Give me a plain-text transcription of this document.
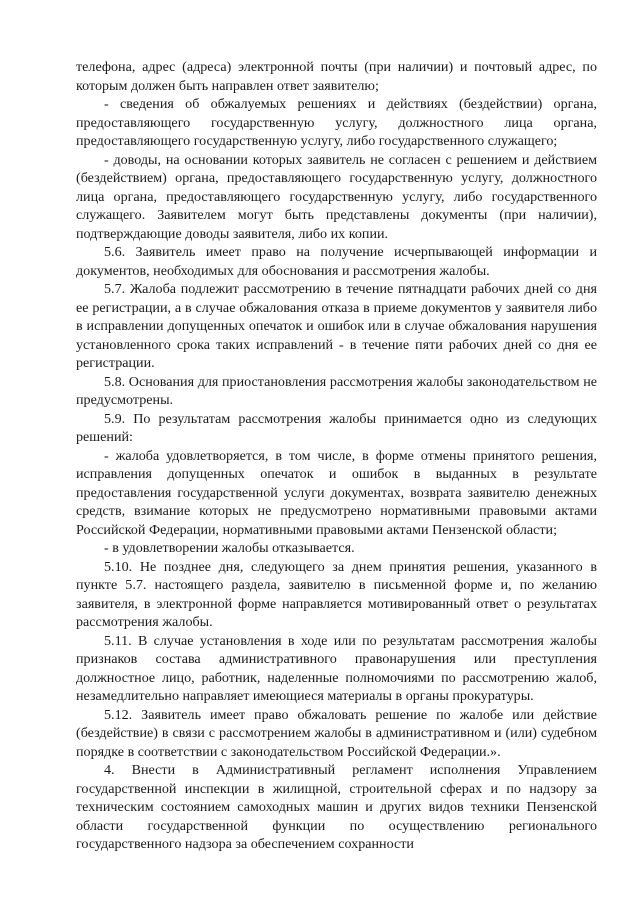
телефона, адрес (адреса) электронной почты (при наличии) и почтовый адрес, по которым должен быть направлен ответ заявителю;

- сведения об обжалуемых решениях и действиях (бездействии) органа, предоставляющего государственную услугу, должностного лица органа, предоставляющего государственную услугу, либо государственного служащего;

- доводы, на основании которых заявитель не согласен с решением и действием (бездействием) органа, предоставляющего государственную услугу, должностного лица органа, предоставляющего государственную услугу, либо государственного служащего. Заявителем могут быть представлены документы (при наличии), подтверждающие доводы заявителя, либо их копии.

5.6. Заявитель имеет право на получение исчерпывающей информации и документов, необходимых для обоснования и рассмотрения жалобы.

5.7. Жалоба подлежит рассмотрению в течение пятнадцати рабочих дней со дня ее регистрации, а в случае обжалования отказа в приеме документов у заявителя либо в исправлении допущенных опечаток и ошибок или в случае обжалования нарушения установленного срока таких исправлений - в течение пяти рабочих дней со дня ее регистрации.

5.8. Основания для приостановления рассмотрения жалобы законодательством не предусмотрены.

5.9. По результатам рассмотрения жалобы принимается одно из следующих решений:

- жалоба удовлетворяется, в том числе, в форме отмены принятого решения, исправления допущенных опечаток и ошибок в выданных в результате предоставления государственной услуги документах, возврата заявителю денежных средств, взимание которых не предусмотрено нормативными правовыми актами Российской Федерации, нормативными правовыми актами Пензенской области;

- в удовлетворении жалобы отказывается.

5.10. Не позднее дня, следующего за днем принятия решения, указанного в пункте 5.7. настоящего раздела, заявителю в письменной форме и, по желанию заявителя, в электронной форме направляется мотивированный ответ о результатах рассмотрения жалобы.

5.11. В случае установления в ходе или по результатам рассмотрения жалобы признаков состава административного правонарушения или преступления должностное лицо, работник, наделенные полномочиями по рассмотрению жалоб, незамедлительно направляет имеющиеся материалы в органы прокуратуры.

5.12. Заявитель имеет право обжаловать решение по жалобе или действие (бездействие) в связи с рассмотрением жалобы в административном и (или) судебном порядке в соответствии с законодательством Российской Федерации.».

4. Внести в Административный регламент исполнения Управлением государственной инспекции в жилищной, строительной сферах и по надзору за техническим состоянием самоходных машин и других видов техники Пензенской области государственной функции по осуществлению регионального государственного надзора за обеспечением сохранности
